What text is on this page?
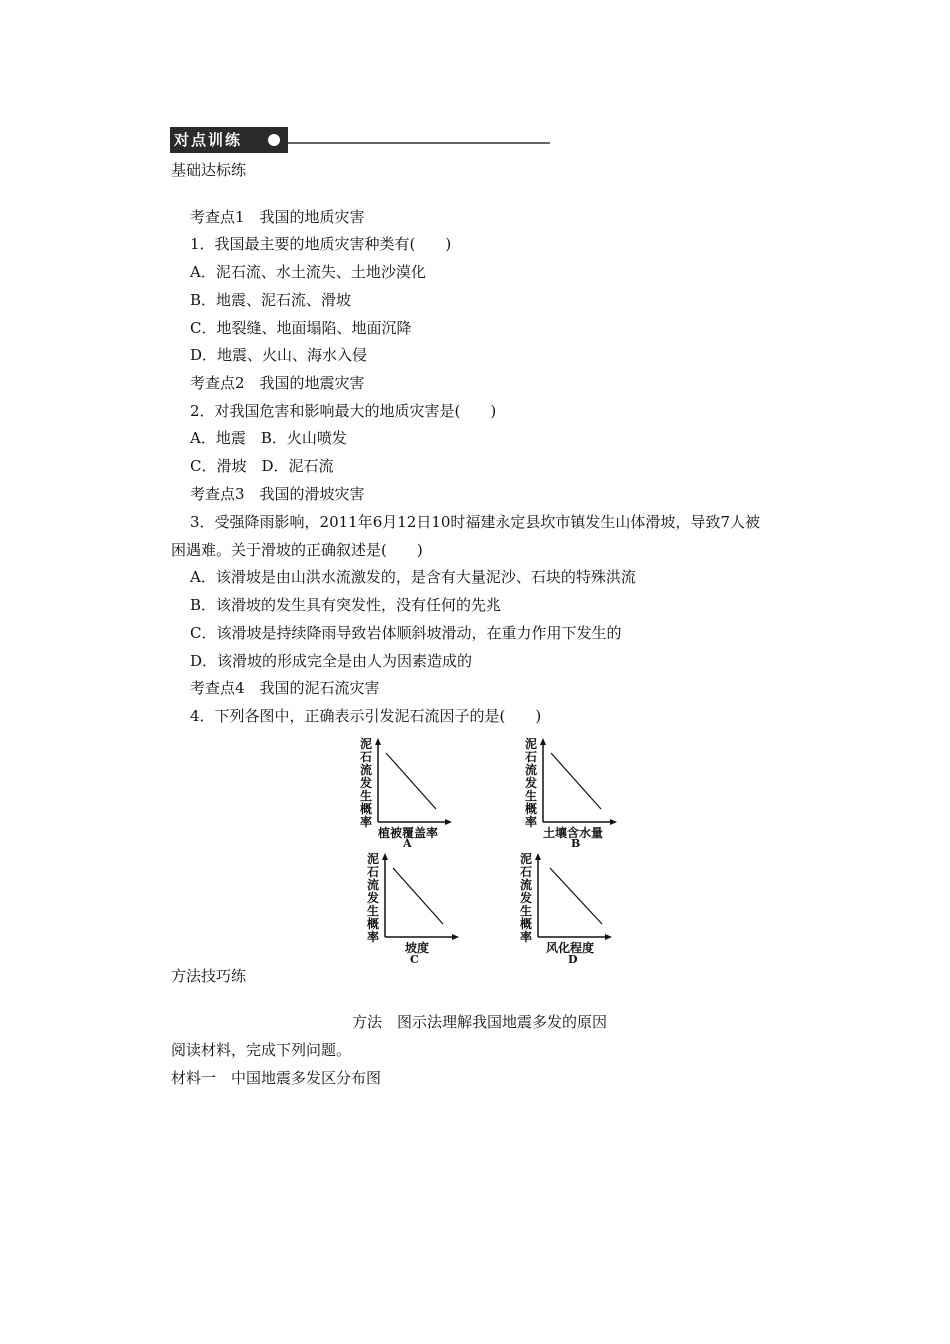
对点训练
基础达标练
考查点1　我国的地质灾害
1．我国最主要的地质灾害种类有(　　)
A．泥石流、水土流失、土地沙漠化
B．地震、泥石流、滑坡
C．地裂缝、地面塌陷、地面沉降
D．地震、火山、海水入侵
考查点2　我国的地震灾害
2．对我国危害和影响最大的地质灾害是(　　)
A．地震　B．火山喷发
C．滑坡　D．泥石流
考查点3　我国的滑坡灾害
3．受强降雨影响，2011年6月12日10时福建永定县坎市镇发生山体滑坡，导致7人被
困遇难。关于滑坡的正确叙述是(　　)
A．该滑坡是由山洪水流激发的，是含有大量泥沙、石块的特殊洪流
B．该滑坡的发生具有突发性，没有任何的先兆
C．该滑坡是持续降雨导致岩体顺斜坡滑动，在重力作用下发生的
D．该滑坡的形成完全是由人为因素造成的
考查点4　我国的泥石流灾害
4．下列各图中，正确表示引发泥石流因子的是(　　)
泥石流发生概率
植被覆盖率
A
泥石流发生概率
土壤含水量
B
泥石流发生概率
坡度
C
泥石流发生概率
风化程度
D
方法技巧练
方法　图示法理解我国地震多发的原因
阅读材料，完成下列问题。
材料一　中国地震多发区分布图
